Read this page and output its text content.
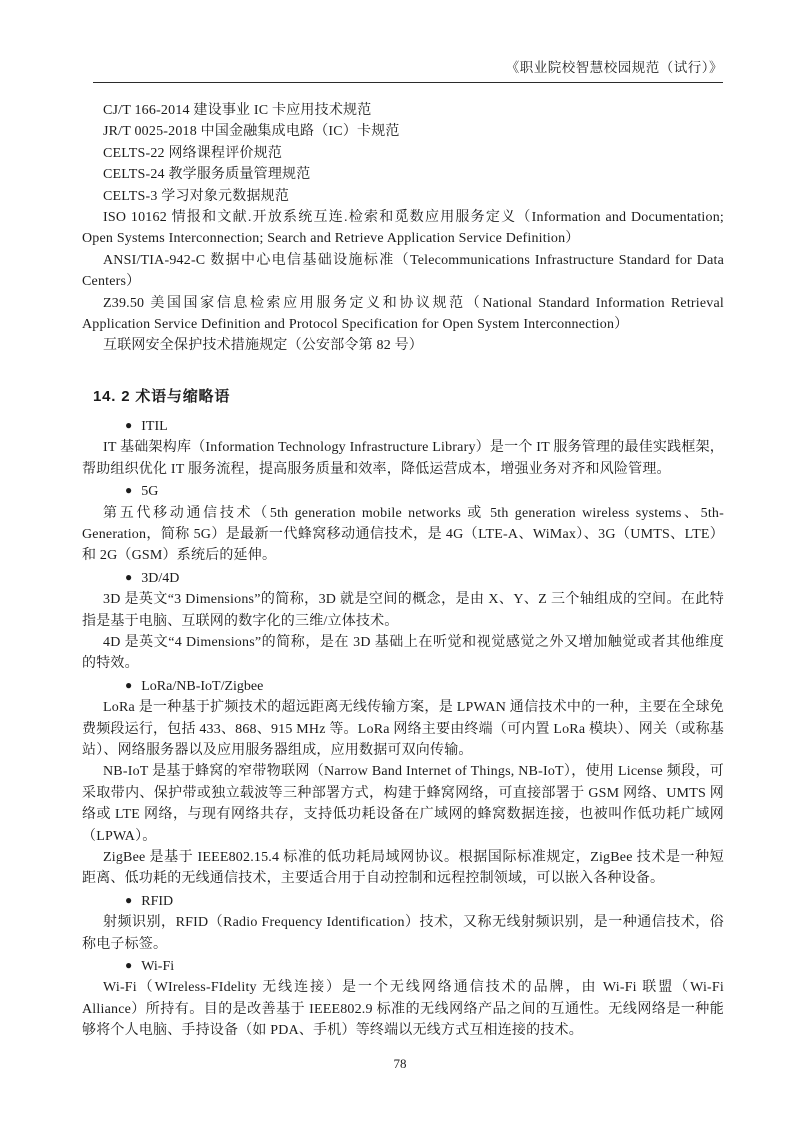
《职业院校智慧校园规范（试行）》
CJ/T 166-2014 建设事业 IC 卡应用技术规范
JR/T 0025-2018 中国金融集成电路（IC）卡规范
CELTS-22 网络课程评价规范
CELTS-24 教学服务质量管理规范
CELTS-3 学习对象元数据规范
ISO 10162 情报和文献.开放系统互连.检索和觅数应用服务定义（Information and Documentation; Open Systems Interconnection; Search and Retrieve Application Service Definition）
ANSI/TIA-942-C 数据中心电信基础设施标准（Telecommunications Infrastructure Standard for Data Centers）
Z39.50 美国国家信息检索应用服务定义和协议规范（National Standard Information Retrieval Application Service Definition and Protocol Specification for Open System Interconnection）
互联网安全保护技术措施规定（公安部令第 82 号）
14. 2 术语与缩略语
● ITIL
IT 基础架构库（Information Technology Infrastructure Library）是一个 IT 服务管理的最佳实践框架，帮助组织优化 IT 服务流程，提高服务质量和效率，降低运营成本，增强业务对齐和风险管理。
● 5G
第五代移动通信技术（5th generation mobile networks 或 5th generation wireless systems、5th-Generation，简称 5G）是最新一代蜂窝移动通信技术，是 4G（LTE-A、WiMax）、3G（UMTS、LTE）和 2G（GSM）系统后的延伸。
● 3D/4D
3D 是英文“3 Dimensions”的简称，3D 就是空间的概念，是由 X、Y、Z 三个轴组成的空间。在此特指是基于电脑、互联网的数字化的三维/立体技术。
4D 是英文“4 Dimensions”的简称，是在 3D 基础上在听觉和视觉感觉之外又增加触觉或者其他维度的特效。
● LoRa/NB-IoT/Zigbee
LoRa 是一种基于扩频技术的超远距离无线传输方案，是 LPWAN 通信技术中的一种，主要在全球免费频段运行，包括 433、868、915 MHz 等。LoRa 网络主要由终端（可内置 LoRa 模块）、网关（或称基站）、网络服务器以及应用服务器组成，应用数据可双向传输。
NB-IoT 是基于蜂窝的窄带物联网（Narrow Band Internet of Things, NB-IoT），使用 License 频段，可采取带内、保护带或独立载波等三种部署方式，构建于蜂窝网络，可直接部署于 GSM 网络、UMTS 网络或 LTE 网络，与现有网络共存，支持低功耗设备在广域网的蜂窝数据连接，也被叫作低功耗广域网（LPWA）。
ZigBee 是基于 IEEE802.15.4 标准的低功耗局域网协议。根据国际标准规定，ZigBee 技术是一种短距离、低功耗的无线通信技术，主要适合用于自动控制和远程控制领域，可以嵌入各种设备。
● RFID
射频识别，RFID（Radio Frequency Identification）技术，又称无线射频识别，是一种通信技术，俗称电子标签。
● Wi-Fi
Wi-Fi（WIreless-FIdelity 无线连接）是一个无线网络通信技术的品牌，由 Wi-Fi 联盟（Wi-Fi Alliance）所持有。目的是改善基于 IEEE802.9 标准的无线网络产品之间的互通性。无线网络是一种能够将个人电脑、手持设备（如 PDA、手机）等终端以无线方式互相连接的技术。
78
